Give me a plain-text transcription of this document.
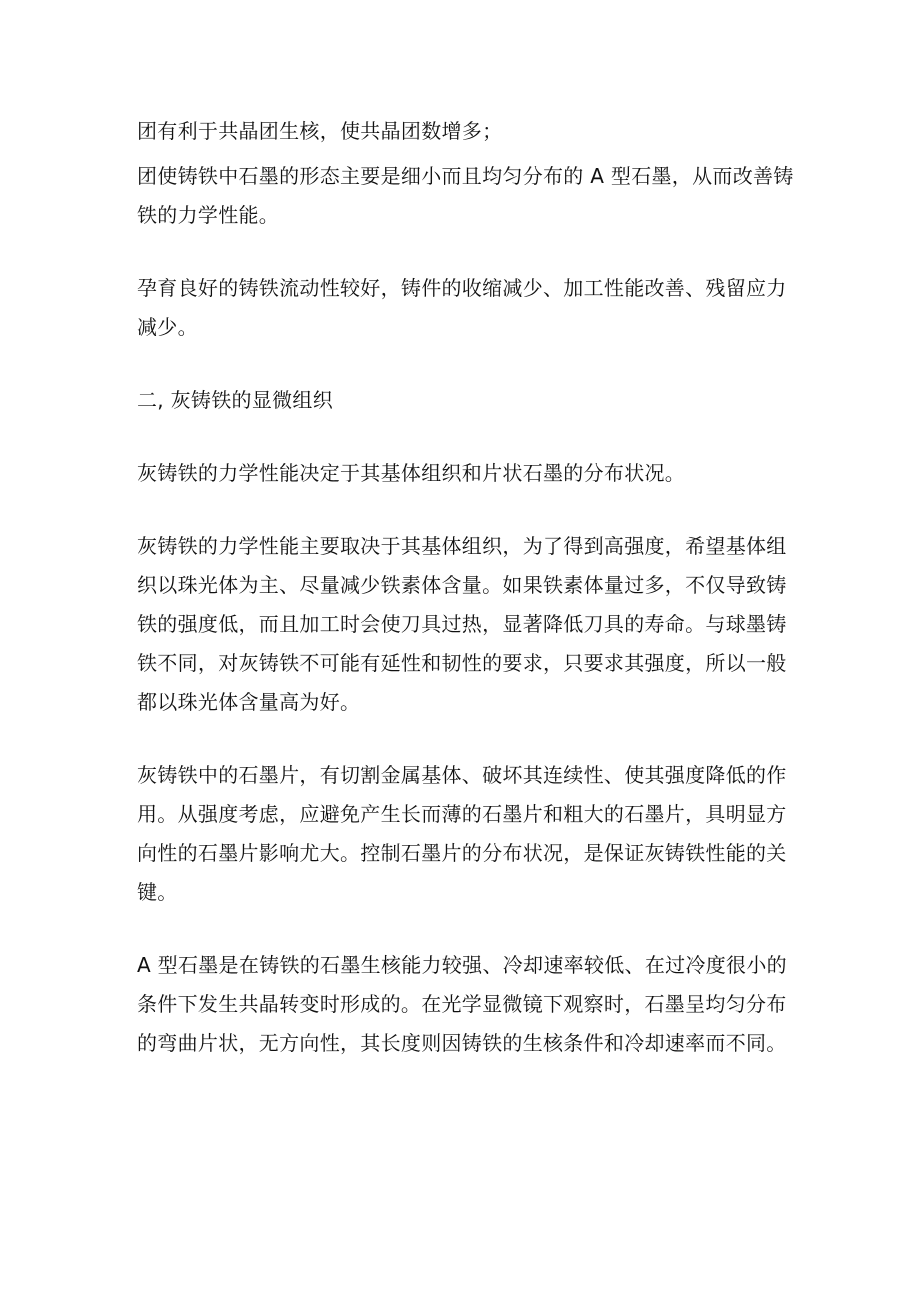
团有利于共晶团生核，使共晶团数增多；

团使铸铁中石墨的形态主要是细小而且均匀分布的 A 型石墨，从而改善铸
铁的力学性能。

孕育良好的铸铁流动性较好，铸件的收缩减少、加工性能改善、残留应力
减少。

二, 灰铸铁的显微组织

灰铸铁的力学性能决定于其基体组织和片状石墨的分布状况。

灰铸铁的力学性能主要取决于其基体组织，为了得到高强度，希望基体组
织以珠光体为主、尽量减少铁素体含量。如果铁素体量过多，不仅导致铸
铁的强度低，而且加工时会使刀具过热，显著降低刀具的寿命。与球墨铸
铁不同，对灰铸铁不可能有延性和韧性的要求，只要求其强度，所以一般
都以珠光体含量高为好。

灰铸铁中的石墨片，有切割金属基体、破坏其连续性、使其强度降低的作
用。从强度考虑，应避免产生长而薄的石墨片和粗大的石墨片，具明显方
向性的石墨片影响尤大。控制石墨片的分布状况，是保证灰铸铁性能的关
键。

A 型石墨是在铸铁的石墨生核能力较强、冷却速率较低、在过冷度很小的
条件下发生共晶转变时形成的。在光学显微镜下观察时，石墨呈均匀分布
的弯曲片状，无方向性，其长度则因铸铁的生核条件和冷却速率而不同。
